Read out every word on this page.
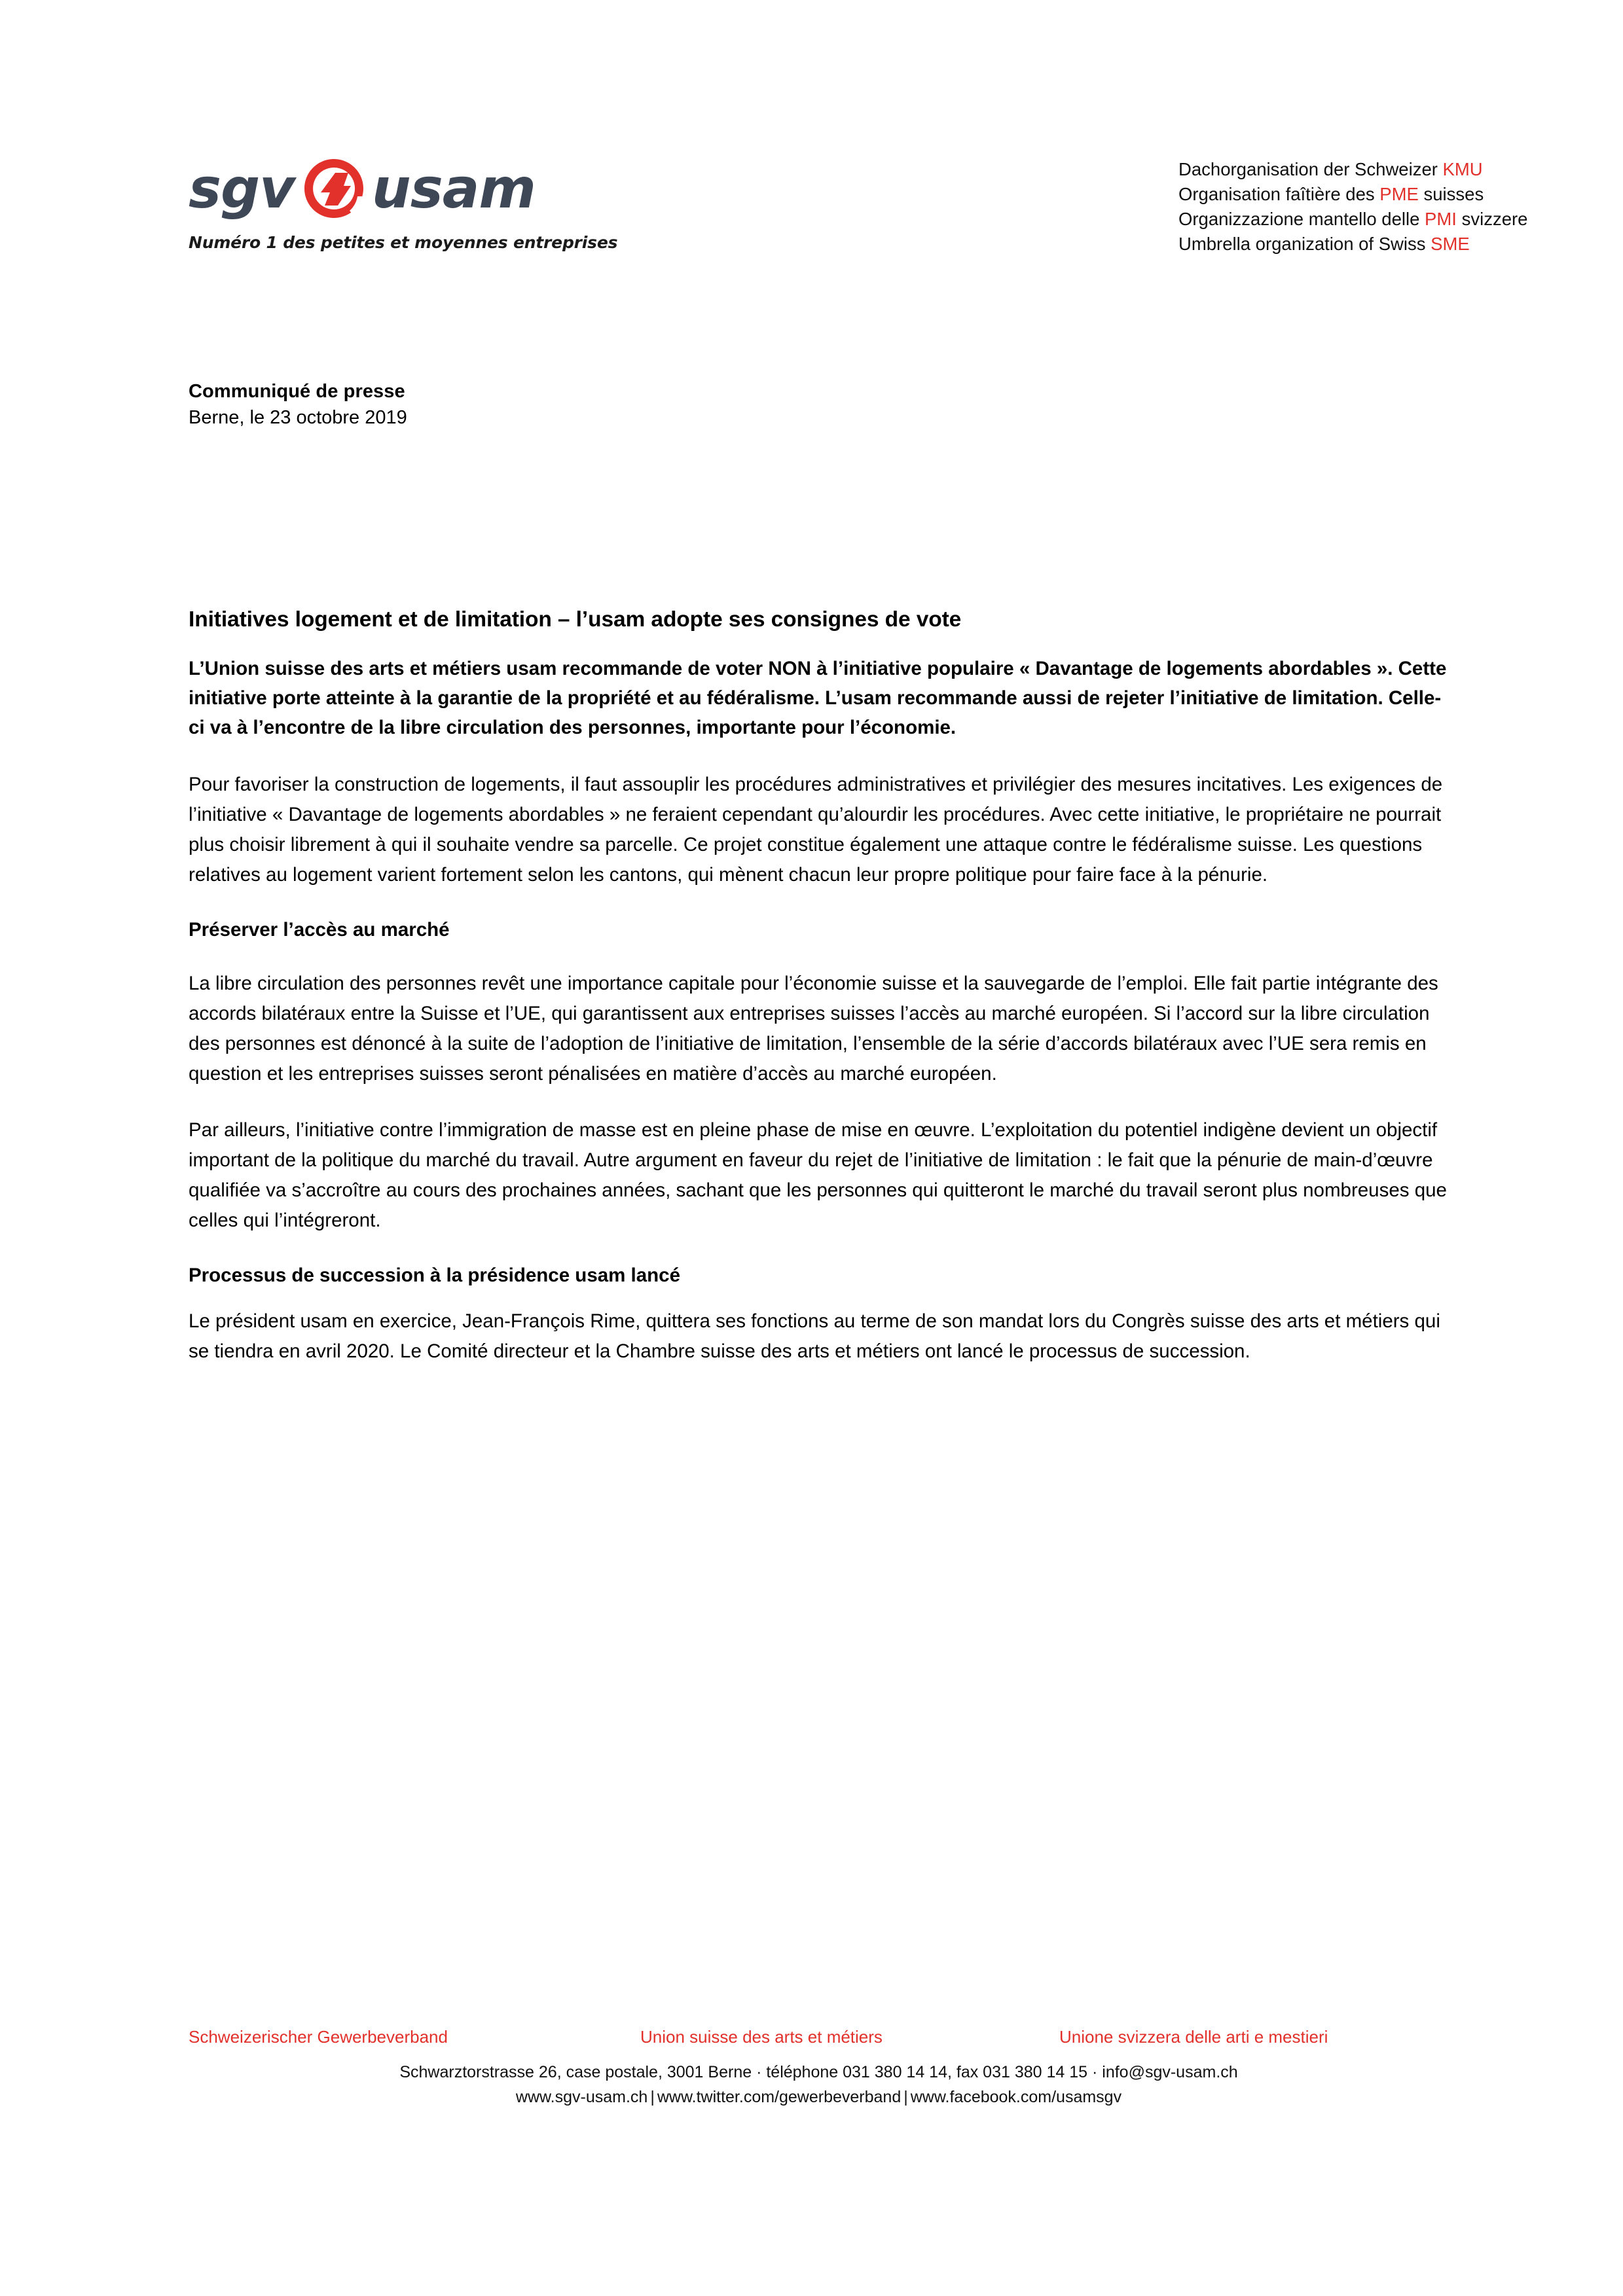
sgv usam
Numéro 1 des petites et moyennes entreprises
Dachorganisation der Schweizer KMU
Organisation faîtière des PME suisses
Organizzazione mantello delle PMI svizzere
Umbrella organization of Swiss SME
Communiqué de presse
Berne, le 23 octobre 2019
Initiatives logement et de limitation – l’usam adopte ses consignes de vote

L’Union suisse des arts et métiers usam recommande de voter NON à l’initiative populaire « Davantage de logements abordables ». Cette initiative porte atteinte à la garantie de la propriété et au fédéralisme. L’usam recommande aussi de rejeter l’initiative de limitation. Celle-ci va à l’encontre de la libre circulation des personnes, importante pour l’économie.

Pour favoriser la construction de logements, il faut assouplir les procédures administratives et privilégier des mesures incitatives. Les exigences de l’initiative « Davantage de logements abordables » ne feraient cependant qu’alourdir les procédures. Avec cette initiative, le propriétaire ne pourrait plus choisir librement à qui il souhaite vendre sa parcelle. Ce projet constitue également une attaque contre le fédéralisme suisse. Les questions relatives au logement varient fortement selon les cantons, qui mènent chacun leur propre politique pour faire face à la pénurie.

Préserver l’accès au marché

La libre circulation des personnes revêt une importance capitale pour l’économie suisse et la sauvegarde de l’emploi. Elle fait partie intégrante des accords bilatéraux entre la Suisse et l’UE, qui garantissent aux entreprises suisses l’accès au marché européen. Si l’accord sur la libre circulation des personnes est dénoncé à la suite de l’adoption de l’initiative de limitation, l’ensemble de la série d’accords bilatéraux avec l’UE sera remis en question et les entreprises suisses seront pénalisées en matière d’accès au marché européen.

Par ailleurs, l’initiative contre l’immigration de masse est en pleine phase de mise en œuvre. L’exploitation du potentiel indigène devient un objectif important de la politique du marché du travail. Autre argument en faveur du rejet de l’initiative de limitation : le fait que la pénurie de main-d’œuvre qualifiée va s’accroître au cours des prochaines années, sachant que les personnes qui quitteront le marché du travail seront plus nombreuses que celles qui l’intégreront.

Processus de succession à la présidence usam lancé

Le président usam en exercice, Jean-François Rime, quittera ses fonctions au terme de son mandat lors du Congrès suisse des arts et métiers qui se tiendra en avril 2020. Le Comité directeur et la Chambre suisse des arts et métiers ont lancé le processus de succession.

Schweizerischer Gewerbeverband	Union suisse des arts et métiers	Unione svizzera delle arti e mestieri
Schwarztorstrasse 26, case postale, 3001 Berne · téléphone 031 380 14 14, fax 031 380 14 15 · info@sgv-usam.ch
www.sgv-usam.ch | www.twitter.com/gewerbeverband | www.facebook.com/usamsgv
